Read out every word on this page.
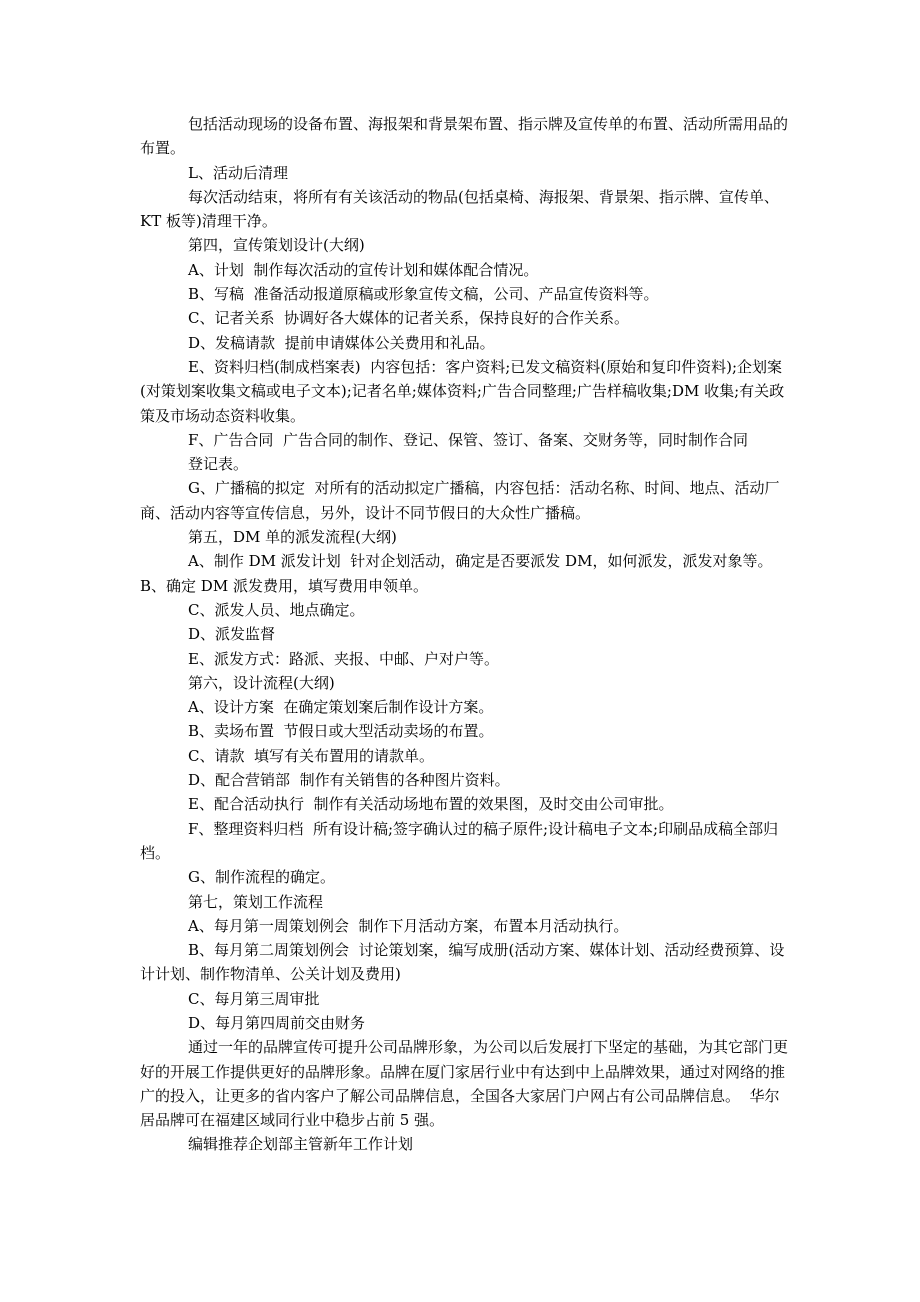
包括活动现场的设备布置、海报架和背景架布置、指示牌及宣传单的布置、活动所需用品的布置。

L、活动后清理

每次活动结束，将所有有关该活动的物品(包括桌椅、海报架、背景架、指示牌、宣传单、KT 板等)清理干净。

第四，宣传策划设计(大纲)

A、计划  制作每次活动的宣传计划和媒体配合情况。

B、写稿  准备活动报道原稿或形象宣传文稿，公司、产品宣传资料等。

C、记者关系  协调好各大媒体的记者关系，保持良好的合作关系。

D、发稿请款  提前申请媒体公关费用和礼品。

E、资料归档(制成档案表)  内容包括：客户资料;已发文稿资料(原始和复印件资料);企划案(对策划案收集文稿或电子文本);记者名单;媒体资料;广告合同整理;广告样稿收集;DM 收集;有关政策及市场动态资料收集。

F、广告合同  广告合同的制作、登记、保管、签订、备案、交财务等，同时制作合同

登记表。

G、广播稿的拟定  对所有的活动拟定广播稿，内容包括：活动名称、时间、地点、活动厂商、活动内容等宣传信息，另外，设计不同节假日的大众性广播稿。

第五，DM 单的派发流程(大纲)

A、制作 DM 派发计划  针对企划活动，确定是否要派发 DM，如何派发，派发对象等。  B、确定 DM 派发费用，填写费用申领单。

C、派发人员、地点确定。

D、派发监督

E、派发方式：路派、夹报、中邮、户对户等。

第六，设计流程(大纲)

A、设计方案  在确定策划案后制作设计方案。

B、卖场布置  节假日或大型活动卖场的布置。

C、请款  填写有关布置用的请款单。

D、配合营销部  制作有关销售的各种图片资料。

E、配合活动执行  制作有关活动场地布置的效果图，及时交由公司审批。

F、整理资料归档  所有设计稿;签字确认过的稿子原件;设计稿电子文本;印刷品成稿全部归档。

G、制作流程的确定。

第七，策划工作流程

A、每月第一周策划例会  制作下月活动方案，布置本月活动执行。

B、每月第二周策划例会  讨论策划案，编写成册(活动方案、媒体计划、活动经费预算、设计计划、制作物清单、公关计划及费用)

C、每月第三周审批

D、每月第四周前交由财务

通过一年的品牌宣传可提升公司品牌形象，为公司以后发展打下坚定的基础，为其它部门更好的开展工作提供更好的品牌形象。品牌在厦门家居行业中有达到中上品牌效果，通过对网络的推广的投入，让更多的省内客户了解公司品牌信息，全国各大家居门户网占有公司品牌信息。  华尔居品牌可在福建区域同行业中稳步占前 5 强。

编辑推荐企划部主管新年工作计划
